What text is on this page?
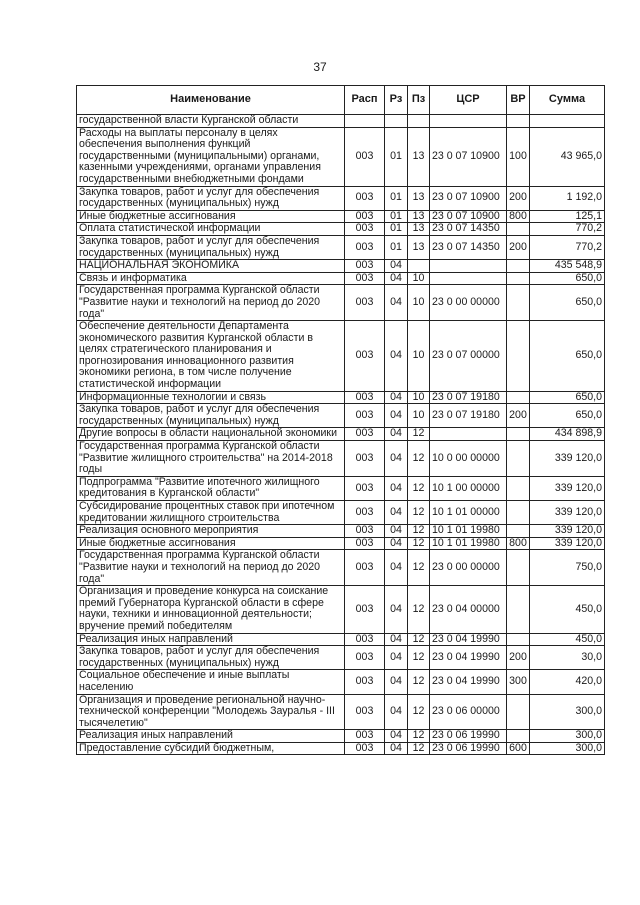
37
Наименование	Расп	Рз	Пз	ЦСР	ВР	Сумма
государственной власти Курганской области						
Расходы на выплаты персоналу в целях обеспечения выполнения функций государственными (муниципальными) органами, казенными учреждениями, органами управления государственными внебюджетными фондами	003	01	13	23 0 07 10900	100	43 965,0
Закупка товаров, работ и услуг для обеспечения государственных (муниципальных) нужд	003	01	13	23 0 07 10900	200	1 192,0
Иные бюджетные ассигнования	003	01	13	23 0 07 10900	800	125,1
Оплата статистической информации	003	01	13	23 0 07 14350		770,2
Закупка товаров, работ и услуг для обеспечения государственных (муниципальных) нужд	003	01	13	23 0 07 14350	200	770,2
НАЦИОНАЛЬНАЯ ЭКОНОМИКА	003	04				435 548,9
Связь и информатика	003	04	10			650,0
Государственная программа Курганской области "Развитие науки и технологий на период до 2020 года"	003	04	10	23 0 00 00000		650,0
Обеспечение деятельности Департамента экономического развития Курганской области в целях стратегического планирования и прогнозирования инновационного развития экономики региона, в том числе получение статистической информации	003	04	10	23 0 07 00000		650,0
Информационные технологии и связь	003	04	10	23 0 07 19180		650,0
Закупка товаров, работ и услуг для обеспечения государственных (муниципальных) нужд	003	04	10	23 0 07 19180	200	650,0
Другие вопросы в области национальной экономики	003	04	12			434 898,9
Государственная программа Курганской области "Развитие жилищного строительства" на 2014-2018 годы	003	04	12	10 0 00 00000		339 120,0
Подпрограмма "Развитие ипотечного жилищного кредитования в Курганской области"	003	04	12	10 1 00 00000		339 120,0
Субсидирование процентных ставок при ипотечном кредитовании жилищного строительства	003	04	12	10 1 01 00000		339 120,0
Реализация основного мероприятия	003	04	12	10 1 01 19980		339 120,0
Иные бюджетные ассигнования	003	04	12	10 1 01 19980	800	339 120,0
Государственная программа Курганской области "Развитие науки и технологий на период до 2020 года"	003	04	12	23 0 00 00000		750,0
Организация и проведение конкурса на соискание премий Губернатора Курганской области в сфере науки, техники и инновационной деятельности; вручение премий победителям	003	04	12	23 0 04 00000		450,0
Реализация иных направлений	003	04	12	23 0 04 19990		450,0
Закупка товаров, работ и услуг для обеспечения государственных (муниципальных) нужд	003	04	12	23 0 04 19990	200	30,0
Социальное обеспечение и иные выплаты населению	003	04	12	23 0 04 19990	300	420,0
Организация и проведение региональной научно-технической конференции "Молодежь Зауралья - III тысячелетию"	003	04	12	23 0 06 00000		300,0
Реализация иных направлений	003	04	12	23 0 06 19990		300,0
Предоставление субсидий бюджетным,	003	04	12	23 0 06 19990	600	300,0
